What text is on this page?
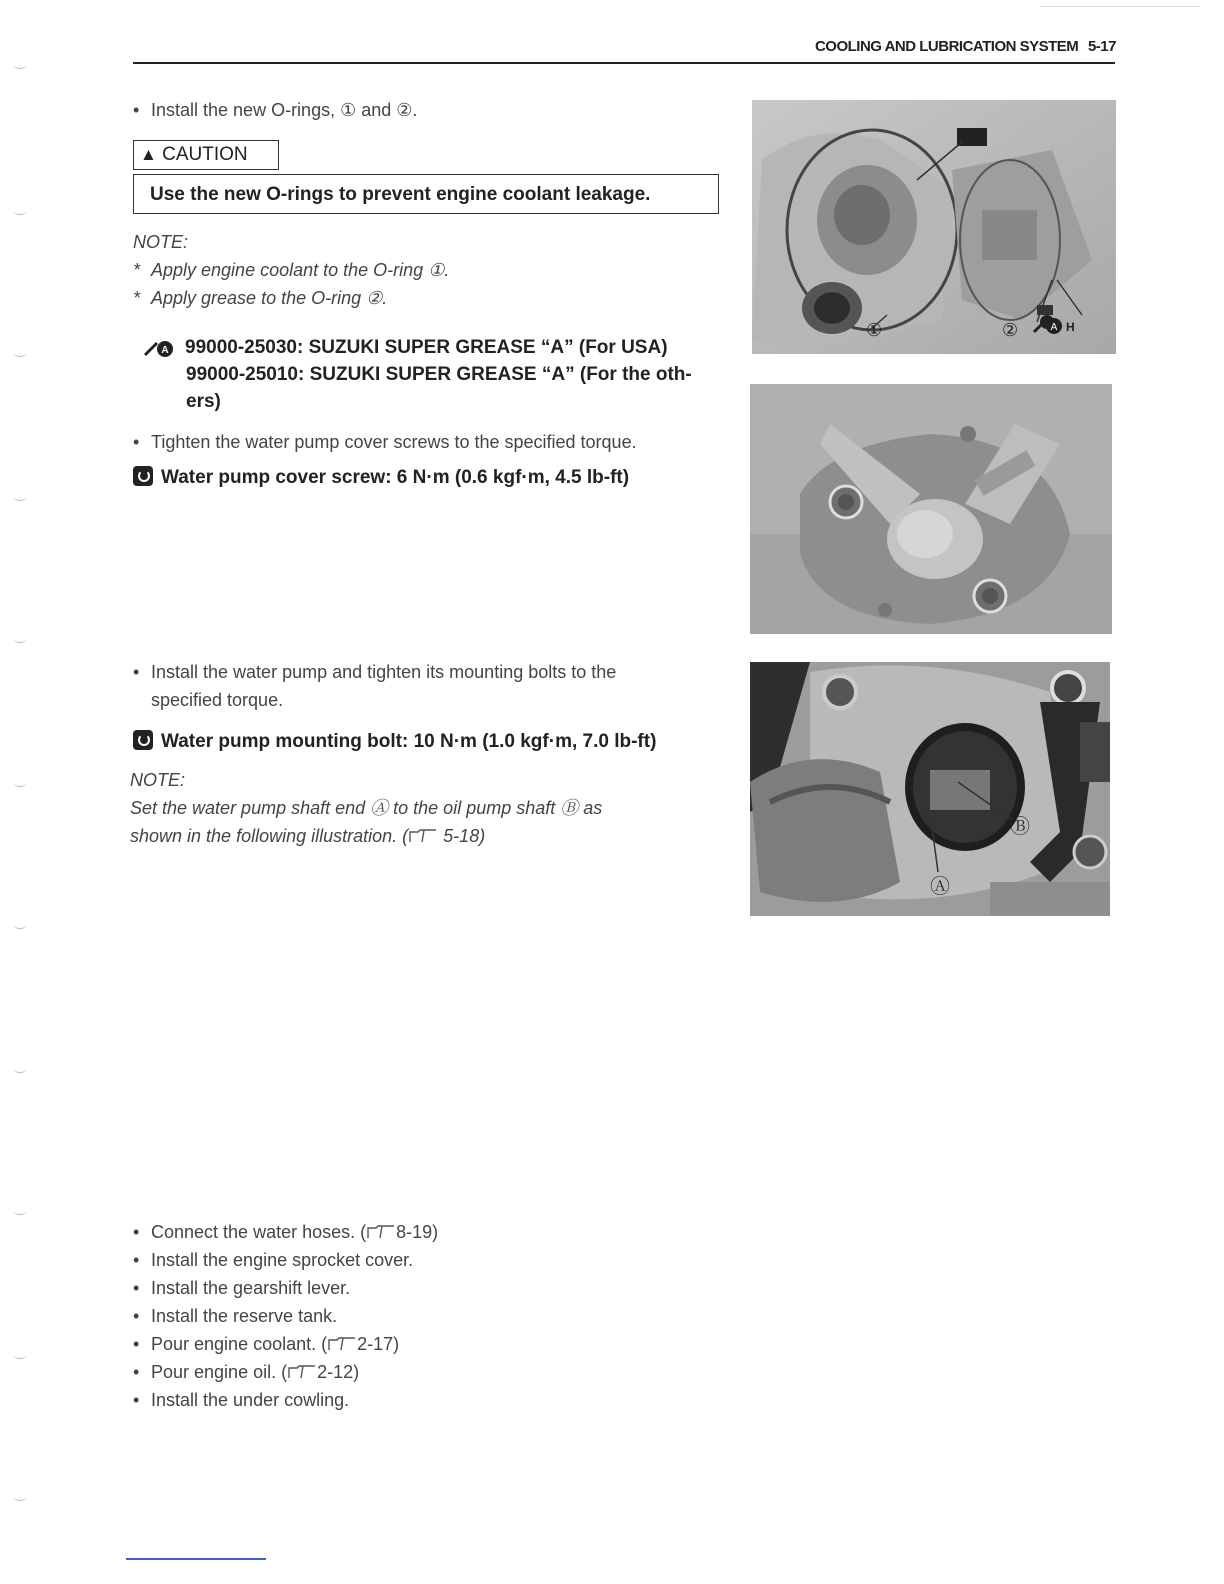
COOLING AND LUBRICATION SYSTEM 5-17
• Install the new O-rings, ① and ②.
▲ CAUTION
Use the new O-rings to prevent engine coolant leakage.
NOTE:
* Apply engine coolant to the O-ring ①.
* Apply grease to the O-ring ②.
A 99000-25030: SUZUKI SUPER GREASE “A” (For USA)
99000-25010: SUZUKI SUPER GREASE “A” (For the oth-
ers)
• Tighten the water pump cover screws to the specified torque.
Water pump cover screw: 6 N·m (0.6 kgf·m, 4.5 lb-ft)
• Install the water pump and tighten its mounting bolts to the
specified torque.
Water pump mounting bolt: 10 N·m (1.0 kgf·m, 7.0 lb-ft)
NOTE:
Set the water pump shaft end Ⓐ to the oil pump shaft Ⓑ as
shown in the following illustration. ( 5-18)
• Connect the water hoses. ( 8-19)
• Install the engine sprocket cover.
• Install the gearshift lever.
• Install the reserve tank.
• Pour engine coolant. ( 2-17)
• Pour engine oil. ( 2-12)
• Install the under cowling.
①	②	A H
Ⓑ
Ⓐ
